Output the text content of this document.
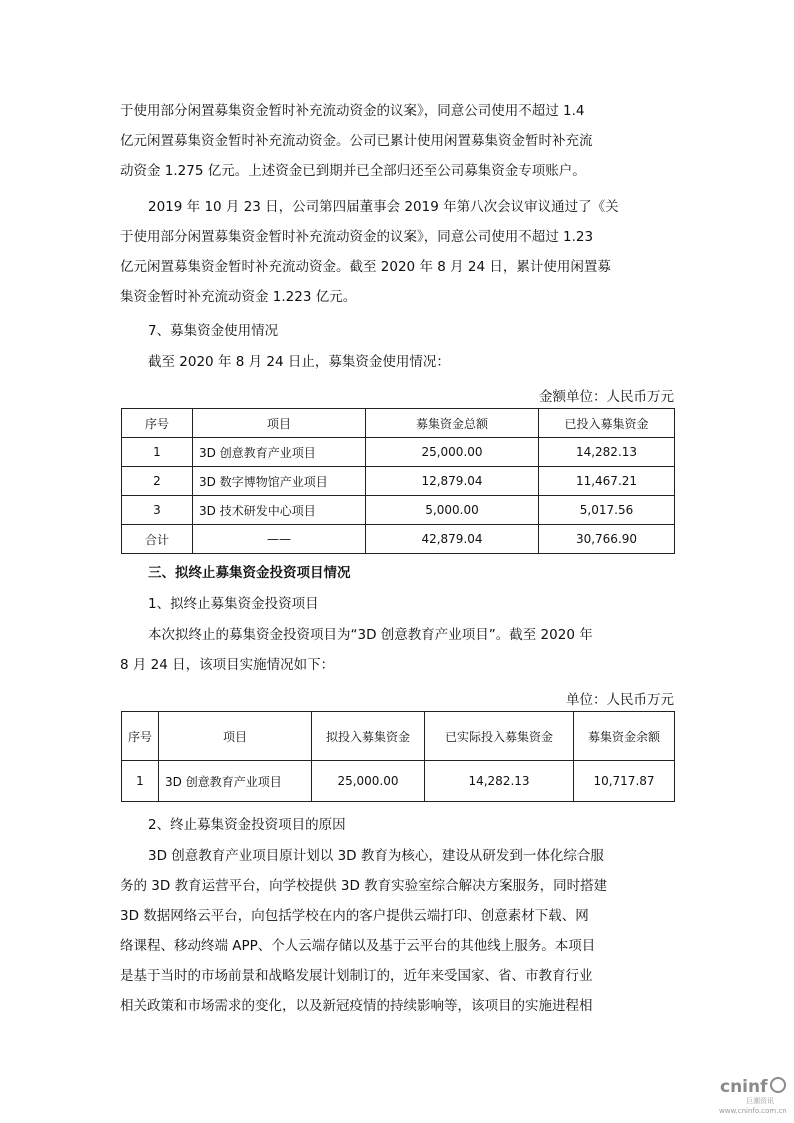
于使用部分闲置募集资金暂时补充流动资金的议案》，同意公司使用不超过 1.4
亿元闲置募集资金暂时补充流动资金。公司已累计使用闲置募集资金暂时补充流
动资金 1.275 亿元。上述资金已到期并已全部归还至公司募集资金专项账户。
2019 年 10 月 23 日，公司第四届董事会 2019 年第八次会议审议通过了《关
于使用部分闲置募集资金暂时补充流动资金的议案》，同意公司使用不超过 1.23
亿元闲置募集资金暂时补充流动资金。截至 2020 年 8 月 24 日，累计使用闲置募
集资金暂时补充流动资金 1.223 亿元。
7、募集资金使用情况
截至 2020 年 8 月 24 日止，募集资金使用情况：
金额单位：人民币万元
序号	项目	募集资金总额	已投入募集资金
1	3D 创意教育产业项目	25,000.00	14,282.13
2	3D 数字博物馆产业项目	12,879.04	11,467.21
3	3D 技术研发中心项目	5,000.00	5,017.56
合计	——	42,879.04	30,766.90
三、拟终止募集资金投资项目情况
1、拟终止募集资金投资项目
本次拟终止的募集资金投资项目为“3D 创意教育产业项目”。截至 2020 年
8 月 24 日，该项目实施情况如下：
单位：人民币万元
序号	项目	拟投入募集资金	已实际投入募集资金	募集资金余额
1	3D 创意教育产业项目	25,000.00	14,282.13	10,717.87
2、终止募集资金投资项目的原因
3D 创意教育产业项目原计划以 3D 教育为核心，建设从研发到一体化综合服
务的 3D 教育运营平台，向学校提供 3D 教育实验室综合解决方案服务，同时搭建
3D 数据网络云平台，向包括学校在内的客户提供云端打印、创意素材下载、网
络课程、移动终端 APP、个人云端存储以及基于云平台的其他线上服务。本项目
是基于当时的市场前景和战略发展计划制订的，近年来受国家、省、市教育行业
相关政策和市场需求的变化，以及新冠疫情的持续影响等，该项目的实施进程相
cninf
巨潮资讯
www.cninfo.com.cn
